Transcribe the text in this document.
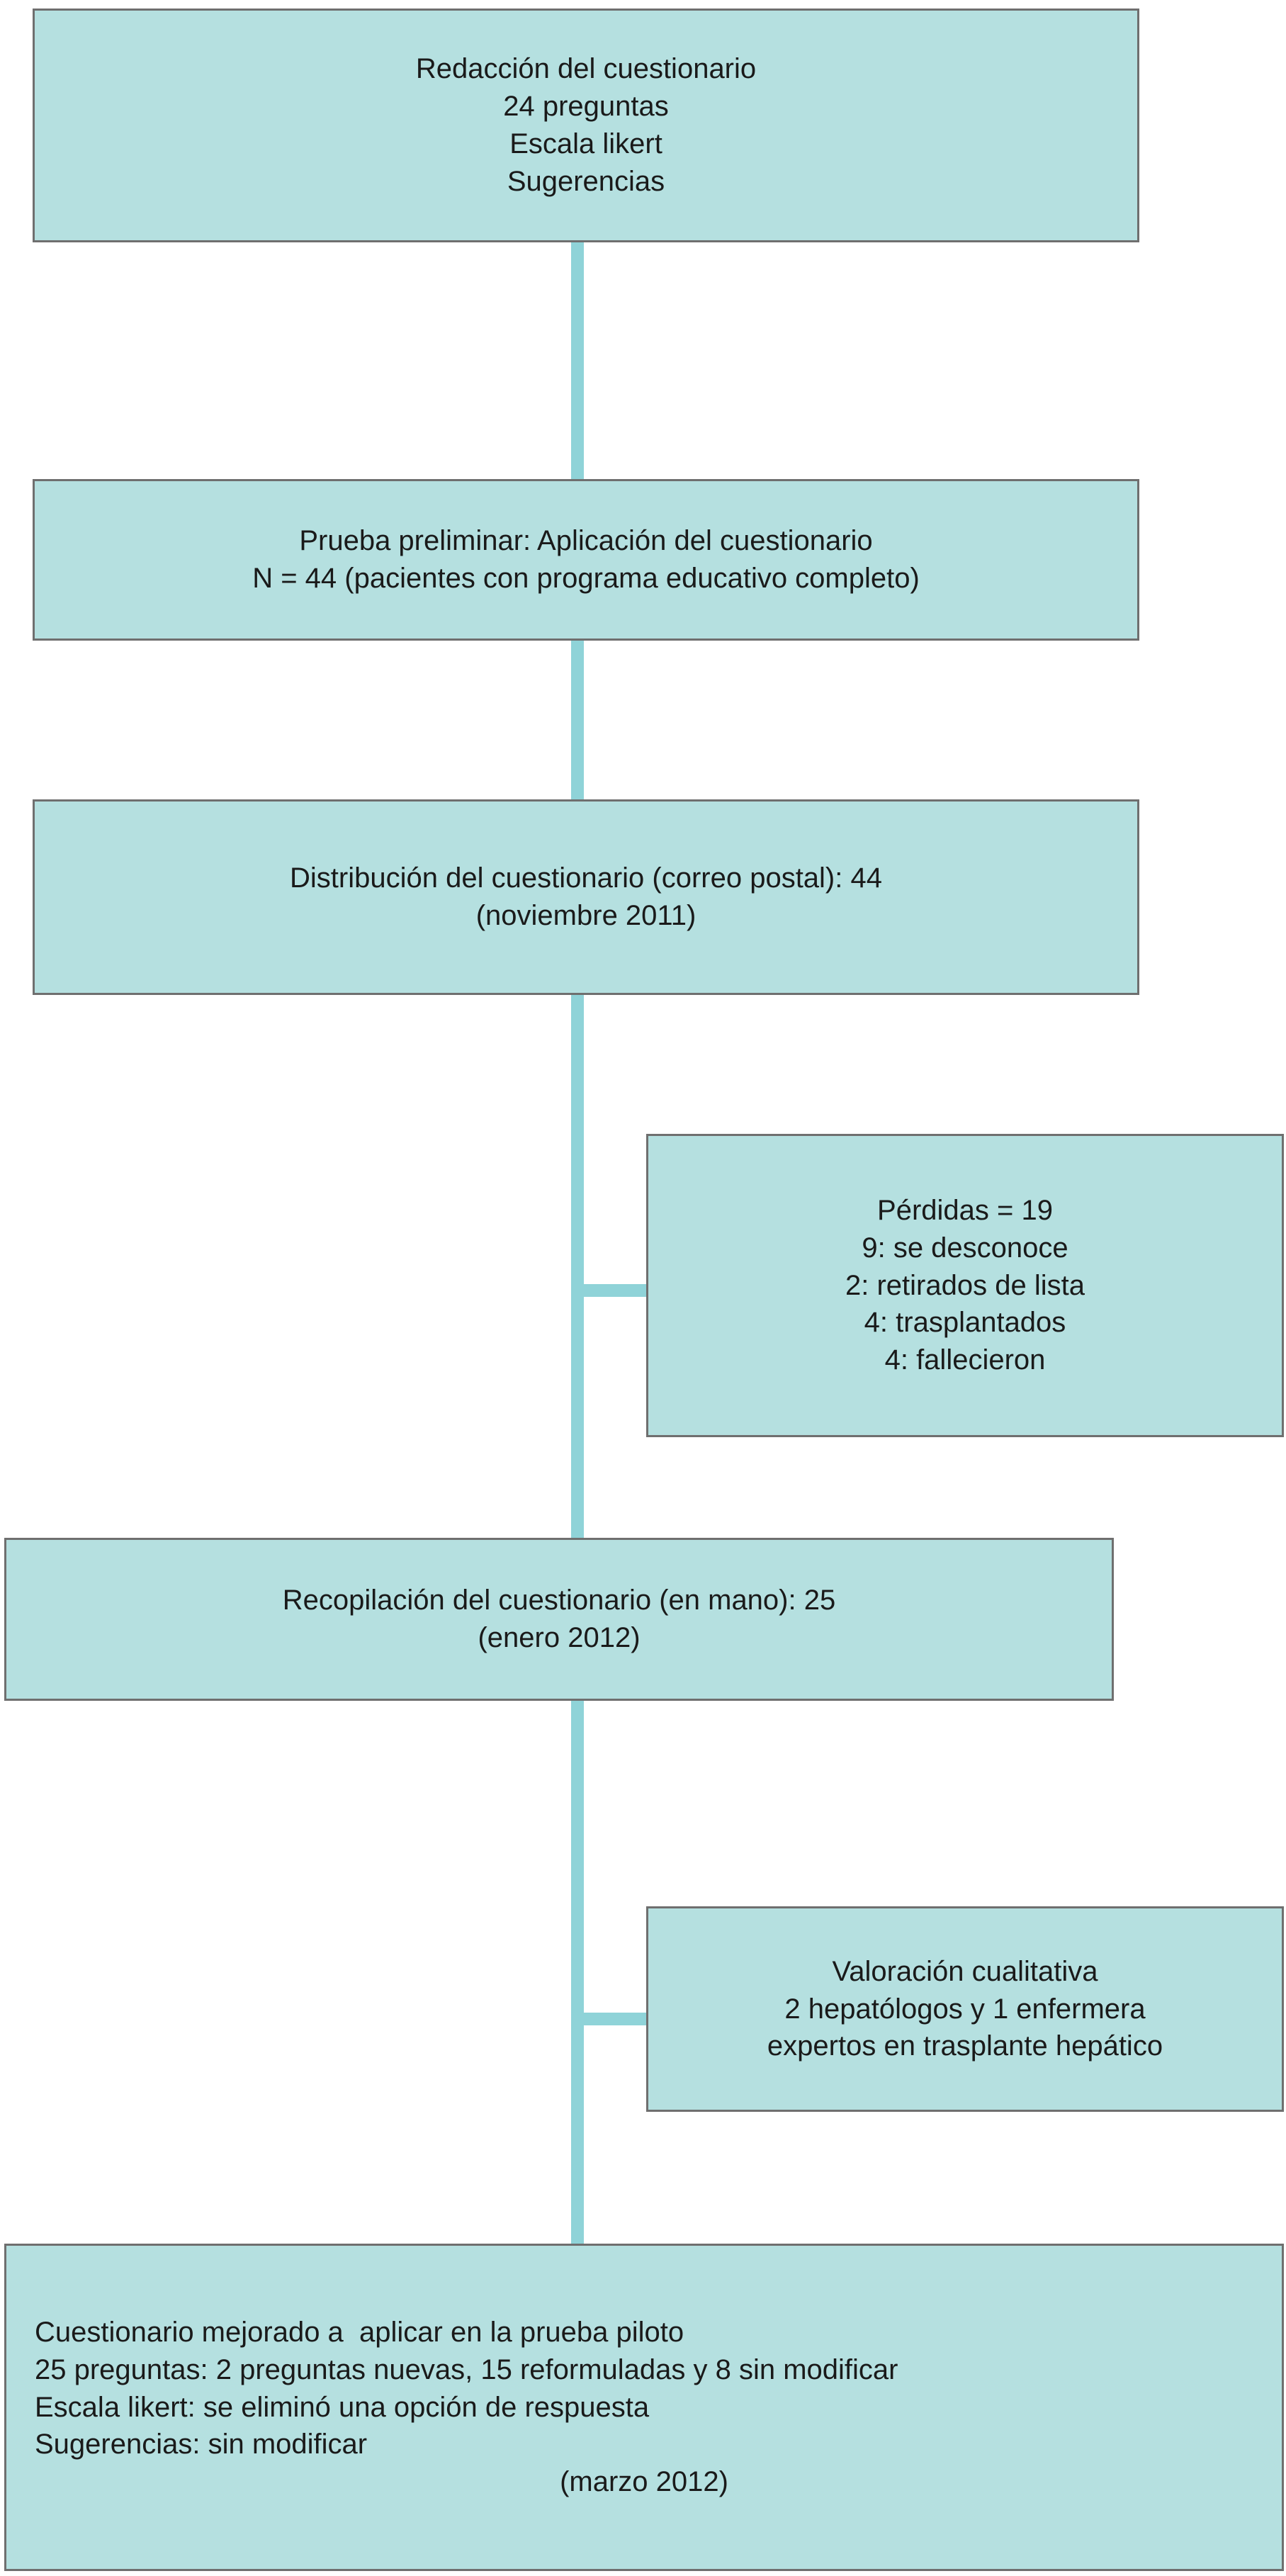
Redacción del cuestionario
24 preguntas
Escala likert
Sugerencias
Prueba preliminar: Aplicación del cuestionario
N = 44 (pacientes con programa educativo completo)
Distribución del cuestionario (correo postal): 44
(noviembre 2011)
Pérdidas = 19
9: se desconoce
2: retirados de lista
4: trasplantados
4: fallecieron
Recopilación del cuestionario (en mano): 25
(enero 2012)
Valoración cualitativa
2 hepatólogos y 1 enfermera
expertos en trasplante hepático
Cuestionario mejorado a  aplicar en la prueba piloto
25 preguntas: 2 preguntas nuevas, 15 reformuladas y 8 sin modificar
Escala likert: se eliminó una opción de respuesta
Sugerencias: sin modificar
(marzo 2012)
